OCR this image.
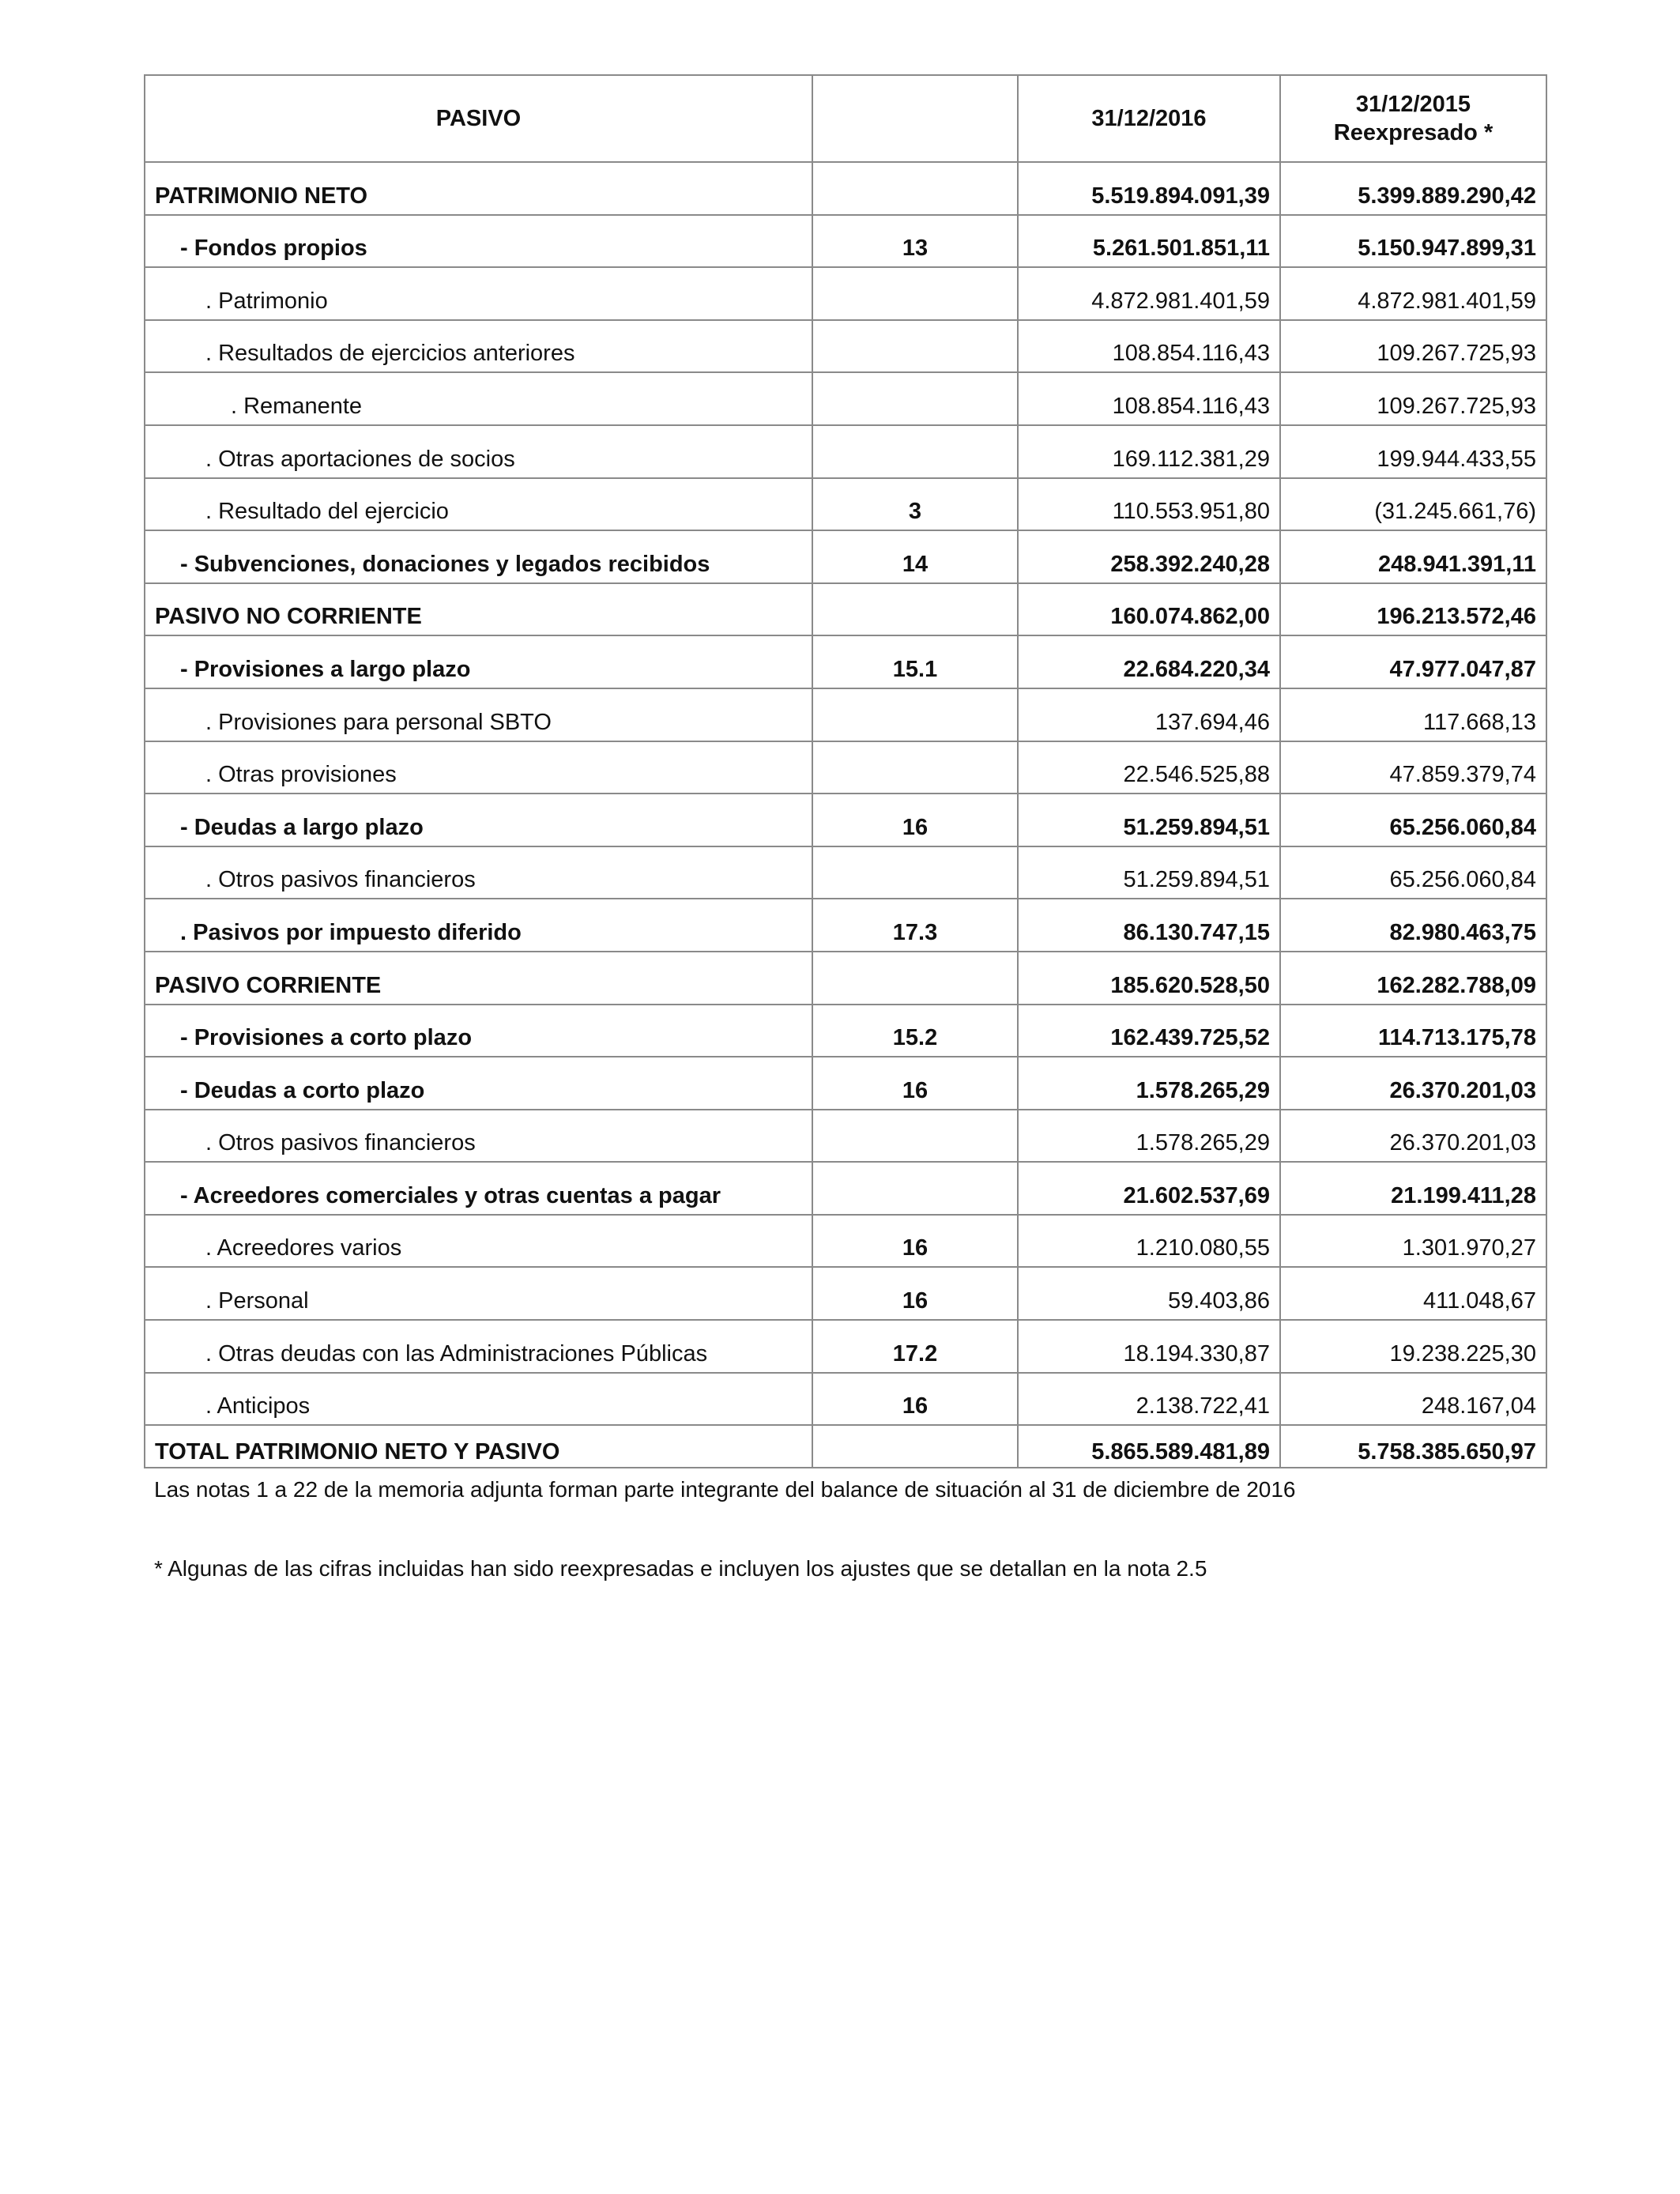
PASIVO		31/12/2016	31/12/2015
Reexpresado *

PATRIMONIO NETO		5.519.894.091,39	5.399.889.290,42
- Fondos propios	13	5.261.501.851,11	5.150.947.899,31
. Patrimonio		4.872.981.401,59	4.872.981.401,59
. Resultados de ejercicios anteriores		108.854.116,43	109.267.725,93
. Remanente		108.854.116,43	109.267.725,93
. Otras aportaciones de socios		169.112.381,29	199.944.433,55
. Resultado del ejercicio	3	110.553.951,80	(31.245.661,76)
- Subvenciones, donaciones y legados recibidos	14	258.392.240,28	248.941.391,11
PASIVO NO CORRIENTE		160.074.862,00	196.213.572,46
- Provisiones a largo plazo	15.1	22.684.220,34	47.977.047,87
. Provisiones para personal SBTO		137.694,46	117.668,13
. Otras provisiones		22.546.525,88	47.859.379,74
- Deudas a largo plazo	16	51.259.894,51	65.256.060,84
. Otros pasivos financieros		51.259.894,51	65.256.060,84
. Pasivos por impuesto diferido	17.3	86.130.747,15	82.980.463,75
PASIVO CORRIENTE		185.620.528,50	162.282.788,09
- Provisiones a corto plazo	15.2	162.439.725,52	114.713.175,78
- Deudas a corto plazo	16	1.578.265,29	26.370.201,03
. Otros pasivos financieros		1.578.265,29	26.370.201,03
- Acreedores comerciales y otras cuentas a pagar		21.602.537,69	21.199.411,28
. Acreedores varios	16	1.210.080,55	1.301.970,27
. Personal	16	59.403,86	411.048,67
. Otras deudas con las Administraciones Públicas	17.2	18.194.330,87	19.238.225,30
. Anticipos	16	2.138.722,41	248.167,04
TOTAL PATRIMONIO NETO Y PASIVO		5.865.589.481,89	5.758.385.650,97
Las notas 1 a 22 de la memoria adjunta forman parte integrante del balance de situación al 31 de diciembre de 2016
* Algunas de las cifras incluidas han sido reexpresadas e incluyen los ajustes que se detallan en la nota 2.5
